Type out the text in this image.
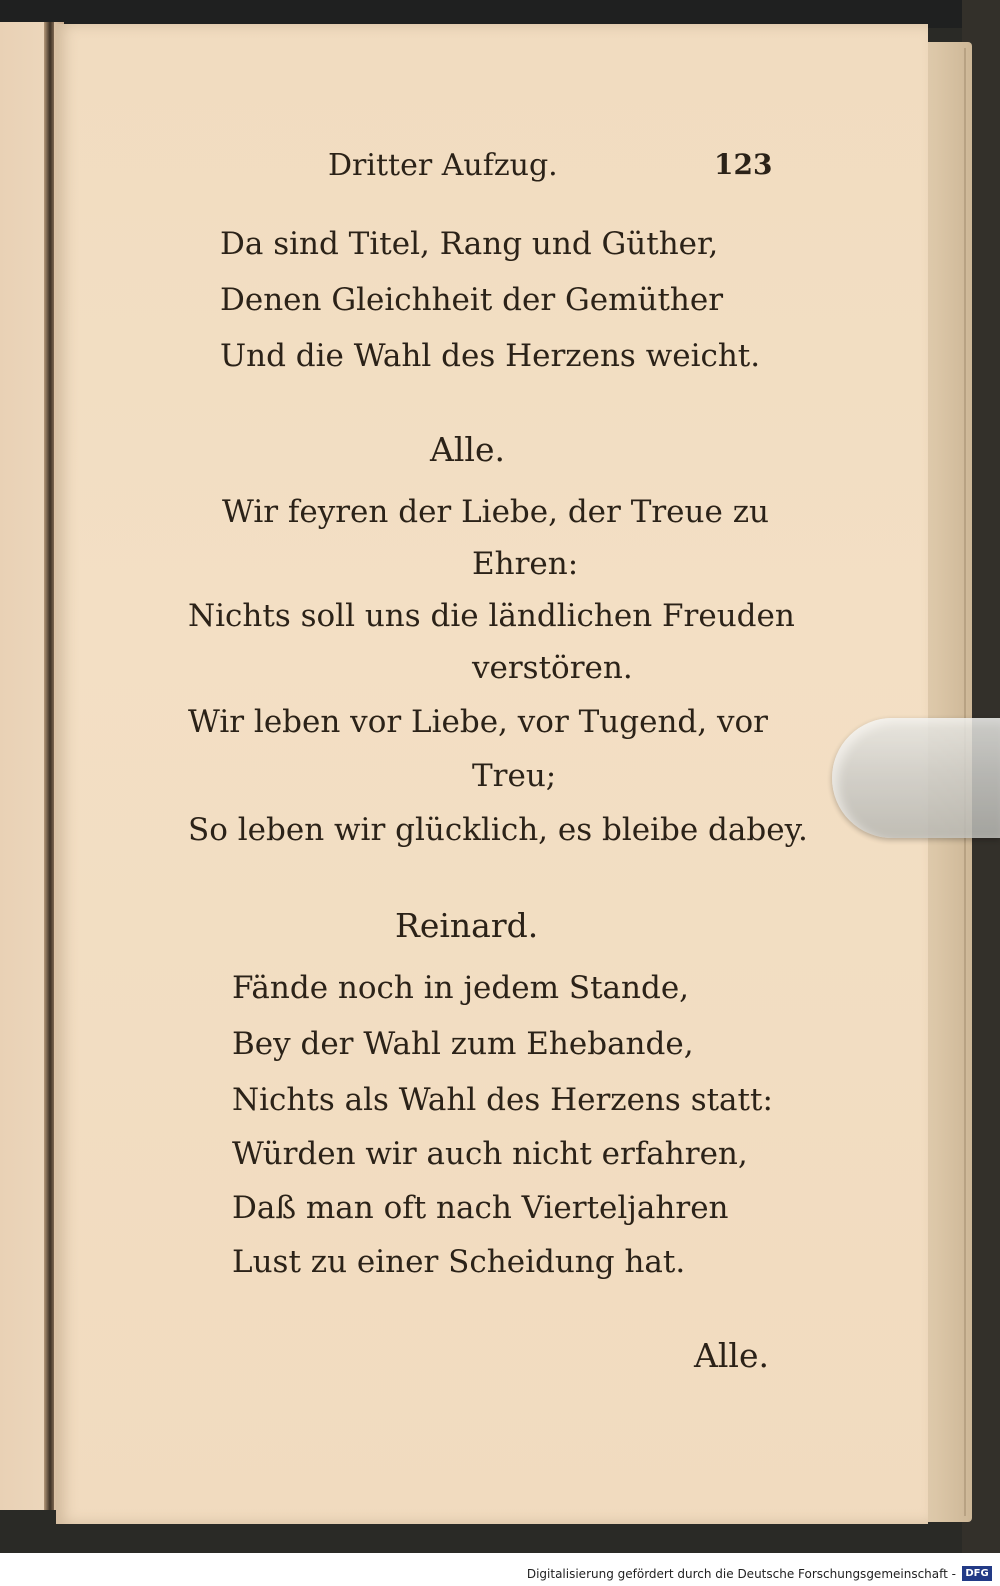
Dritter Aufzug.	123
Da sind Titel, Rang und Güther,
Denen Gleichheit der Gemüther
Und die Wahl des Herzens weicht.
Alle.
Wir feyren der Liebe, der Treue zu
Ehren:
Nichts soll uns die ländlichen Freuden
verstören.
Wir leben vor Liebe, vor Tugend, vor
Treu;
So leben wir glücklich, es bleibe dabey.
Reinard.
Fände noch in jedem Stande,
Bey der Wahl zum Ehebande,
Nichts als Wahl des Herzens statt:
Würden wir auch nicht erfahren,
Daß man oft nach Vierteljahren
Lust zu einer Scheidung hat.
Alle.
Digitalisierung gefördert durch die Deutsche Forschungsgemeinschaft - DFG
